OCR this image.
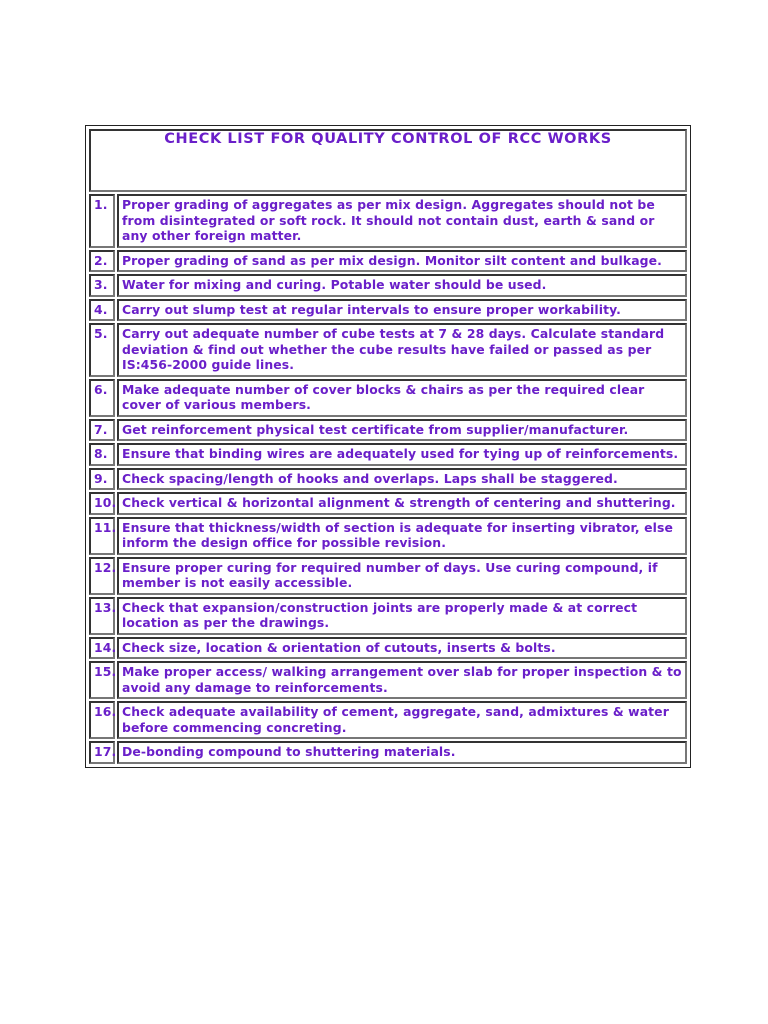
CHECK LIST FOR QUALITY CONTROL OF RCC WORKS	
1.	Proper grading of aggregates as per mix design. Aggregates should not be from disintegrated or soft rock. It should not contain dust, earth & sand or any other foreign matter.
2.	Proper grading of sand as per mix design. Monitor silt content and bulkage.
3.	Water for mixing and curing. Potable water should be used.
4.	Carry out slump test at regular intervals to ensure proper workability.
5.	Carry out adequate number of cube tests at 7 & 28 days. Calculate standard deviation & find out whether the cube results have failed or passed as per IS:456-2000 guide lines.
6.	Make adequate number of cover blocks & chairs as per the required clear cover of various members.
7.	Get reinforcement physical test certificate from supplier/manufacturer.
8.	Ensure that binding wires are adequately used for tying up of reinforcements.
9.	Check spacing/length of hooks and overlaps. Laps shall be staggered.
10.	Check vertical & horizontal alignment & strength of centering and shuttering.
11.	Ensure that thickness/width of section is adequate for inserting vibrator, else inform the design office for possible revision.
12.	Ensure proper curing for required number of days. Use curing compound, if member is not easily accessible.
13.	Check that expansion/construction joints are properly made & at correct location as per the drawings.
14.	Check size, location & orientation of cutouts, inserts & bolts.
15.	Make proper access/ walking arrangement over slab for proper inspection & to avoid any damage to reinforcements.
16.	Check adequate availability of cement, aggregate, sand, admixtures & water before commencing concreting.
17.	De-bonding compound to shuttering materials.
